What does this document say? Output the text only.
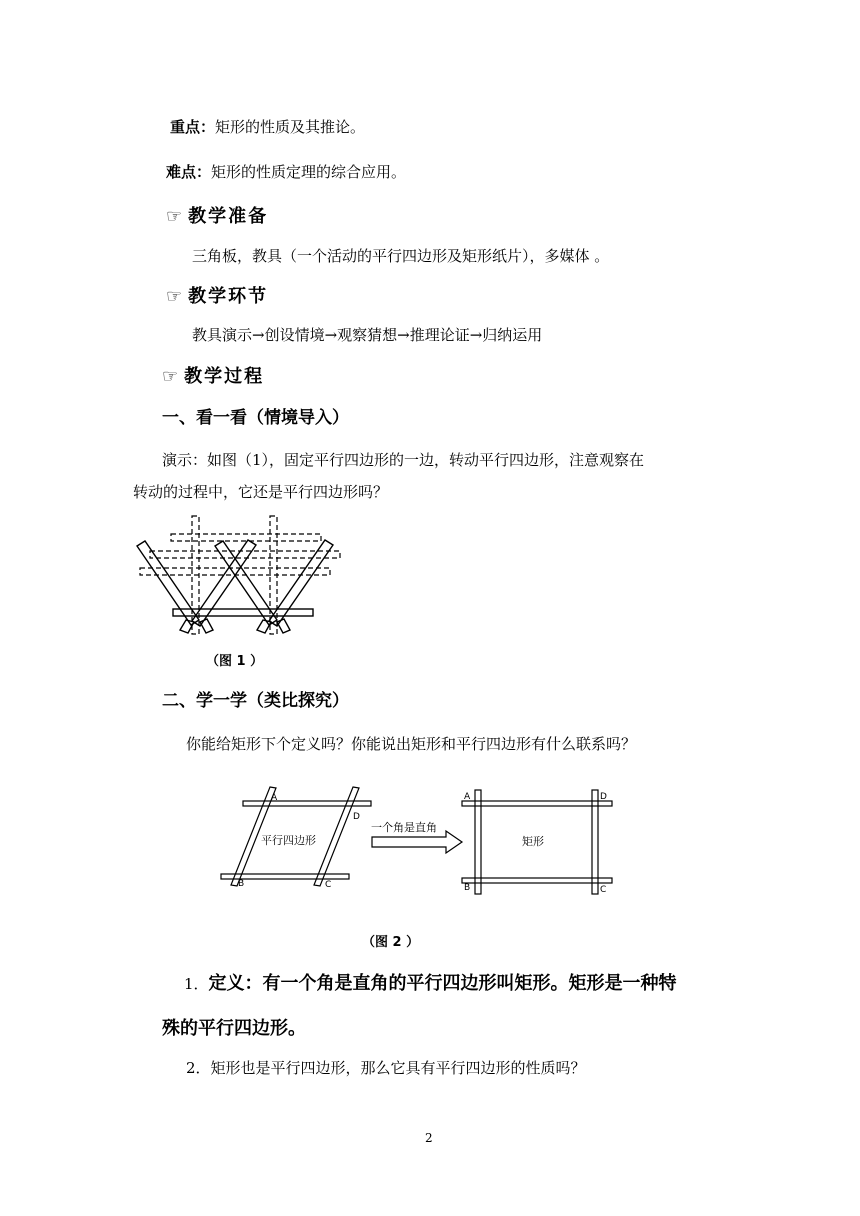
重点：矩形的性质及其推论。
难点：矩形的性质定理的综合应用。
☞ 教学准备
三角板，教具（一个活动的平行四边形及矩形纸片），多媒体 。
☞ 教学环节
教具演示→创设情境→观察猜想→推理论证→归纳运用
☞ 教学过程
一、看一看（情境导入）
演示：如图（1），固定平行四边形的一边，转动平行四边形，注意观察在
转动的过程中，它还是平行四边形吗？
（图 1 ）
二、学一学（类比探究）
你能给矩形下个定义吗？你能说出矩形和平行四边形有什么联系吗？
A
D
B	C
平行四边形
一个角是直角
A	D
B	C
矩形
（图 2 ）
1．定义：有一个角是直角的平行四边形叫矩形。矩形是一种特
殊的平行四边形。
2．矩形也是平行四边形，那么它具有平行四边形的性质吗？
2
